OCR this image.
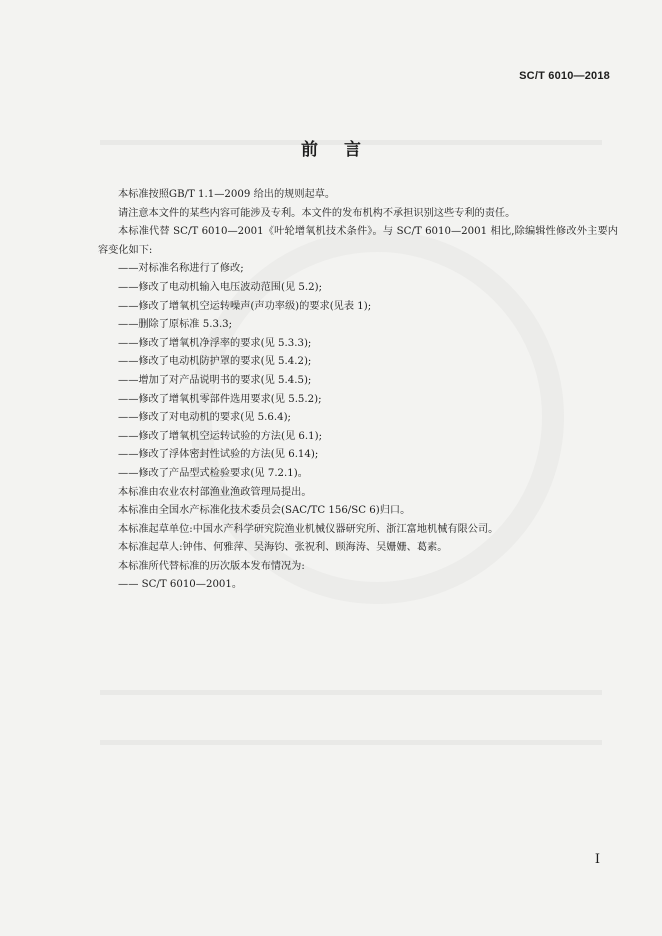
SC/T 6010—2018
前 言
本标准按照GB/T 1.1—2009 给出的规则起草。
请注意本文件的某些内容可能涉及专利。本文件的发布机构不承担识别这些专利的责任。
本标准代替 SC/T 6010—2001《叶轮增氧机技术条件》。与 SC/T 6010—2001 相比,除编辑性修改外主要内容变化如下:
——对标准名称进行了修改;
——修改了电动机输入电压波动范围(见 5.2);
——修改了增氧机空运转噪声(声功率级)的要求(见表 1);
——删除了原标准 5.3.3;
——修改了增氧机净浮率的要求(见 5.3.3);
——修改了电动机防护罩的要求(见 5.4.2);
——增加了对产品说明书的要求(见 5.4.5);
——修改了增氧机零部件选用要求(见 5.5.2);
——修改了对电动机的要求(见 5.6.4);
——修改了增氧机空运转试验的方法(见 6.1);
——修改了浮体密封性试验的方法(见 6.14);
——修改了产品型式检验要求(见 7.2.1)。
本标准由农业农村部渔业渔政管理局提出。
本标准由全国水产标准化技术委员会(SAC/TC 156/SC 6)归口。
本标准起草单位:中国水产科学研究院渔业机械仪器研究所、浙江富地机械有限公司。
本标准起草人:钟伟、何雅萍、吴海钧、张祝利、顾海涛、吴姗姗、葛素。
本标准所代替标准的历次版本发布情况为:
—— SC/T 6010—2001。
I
